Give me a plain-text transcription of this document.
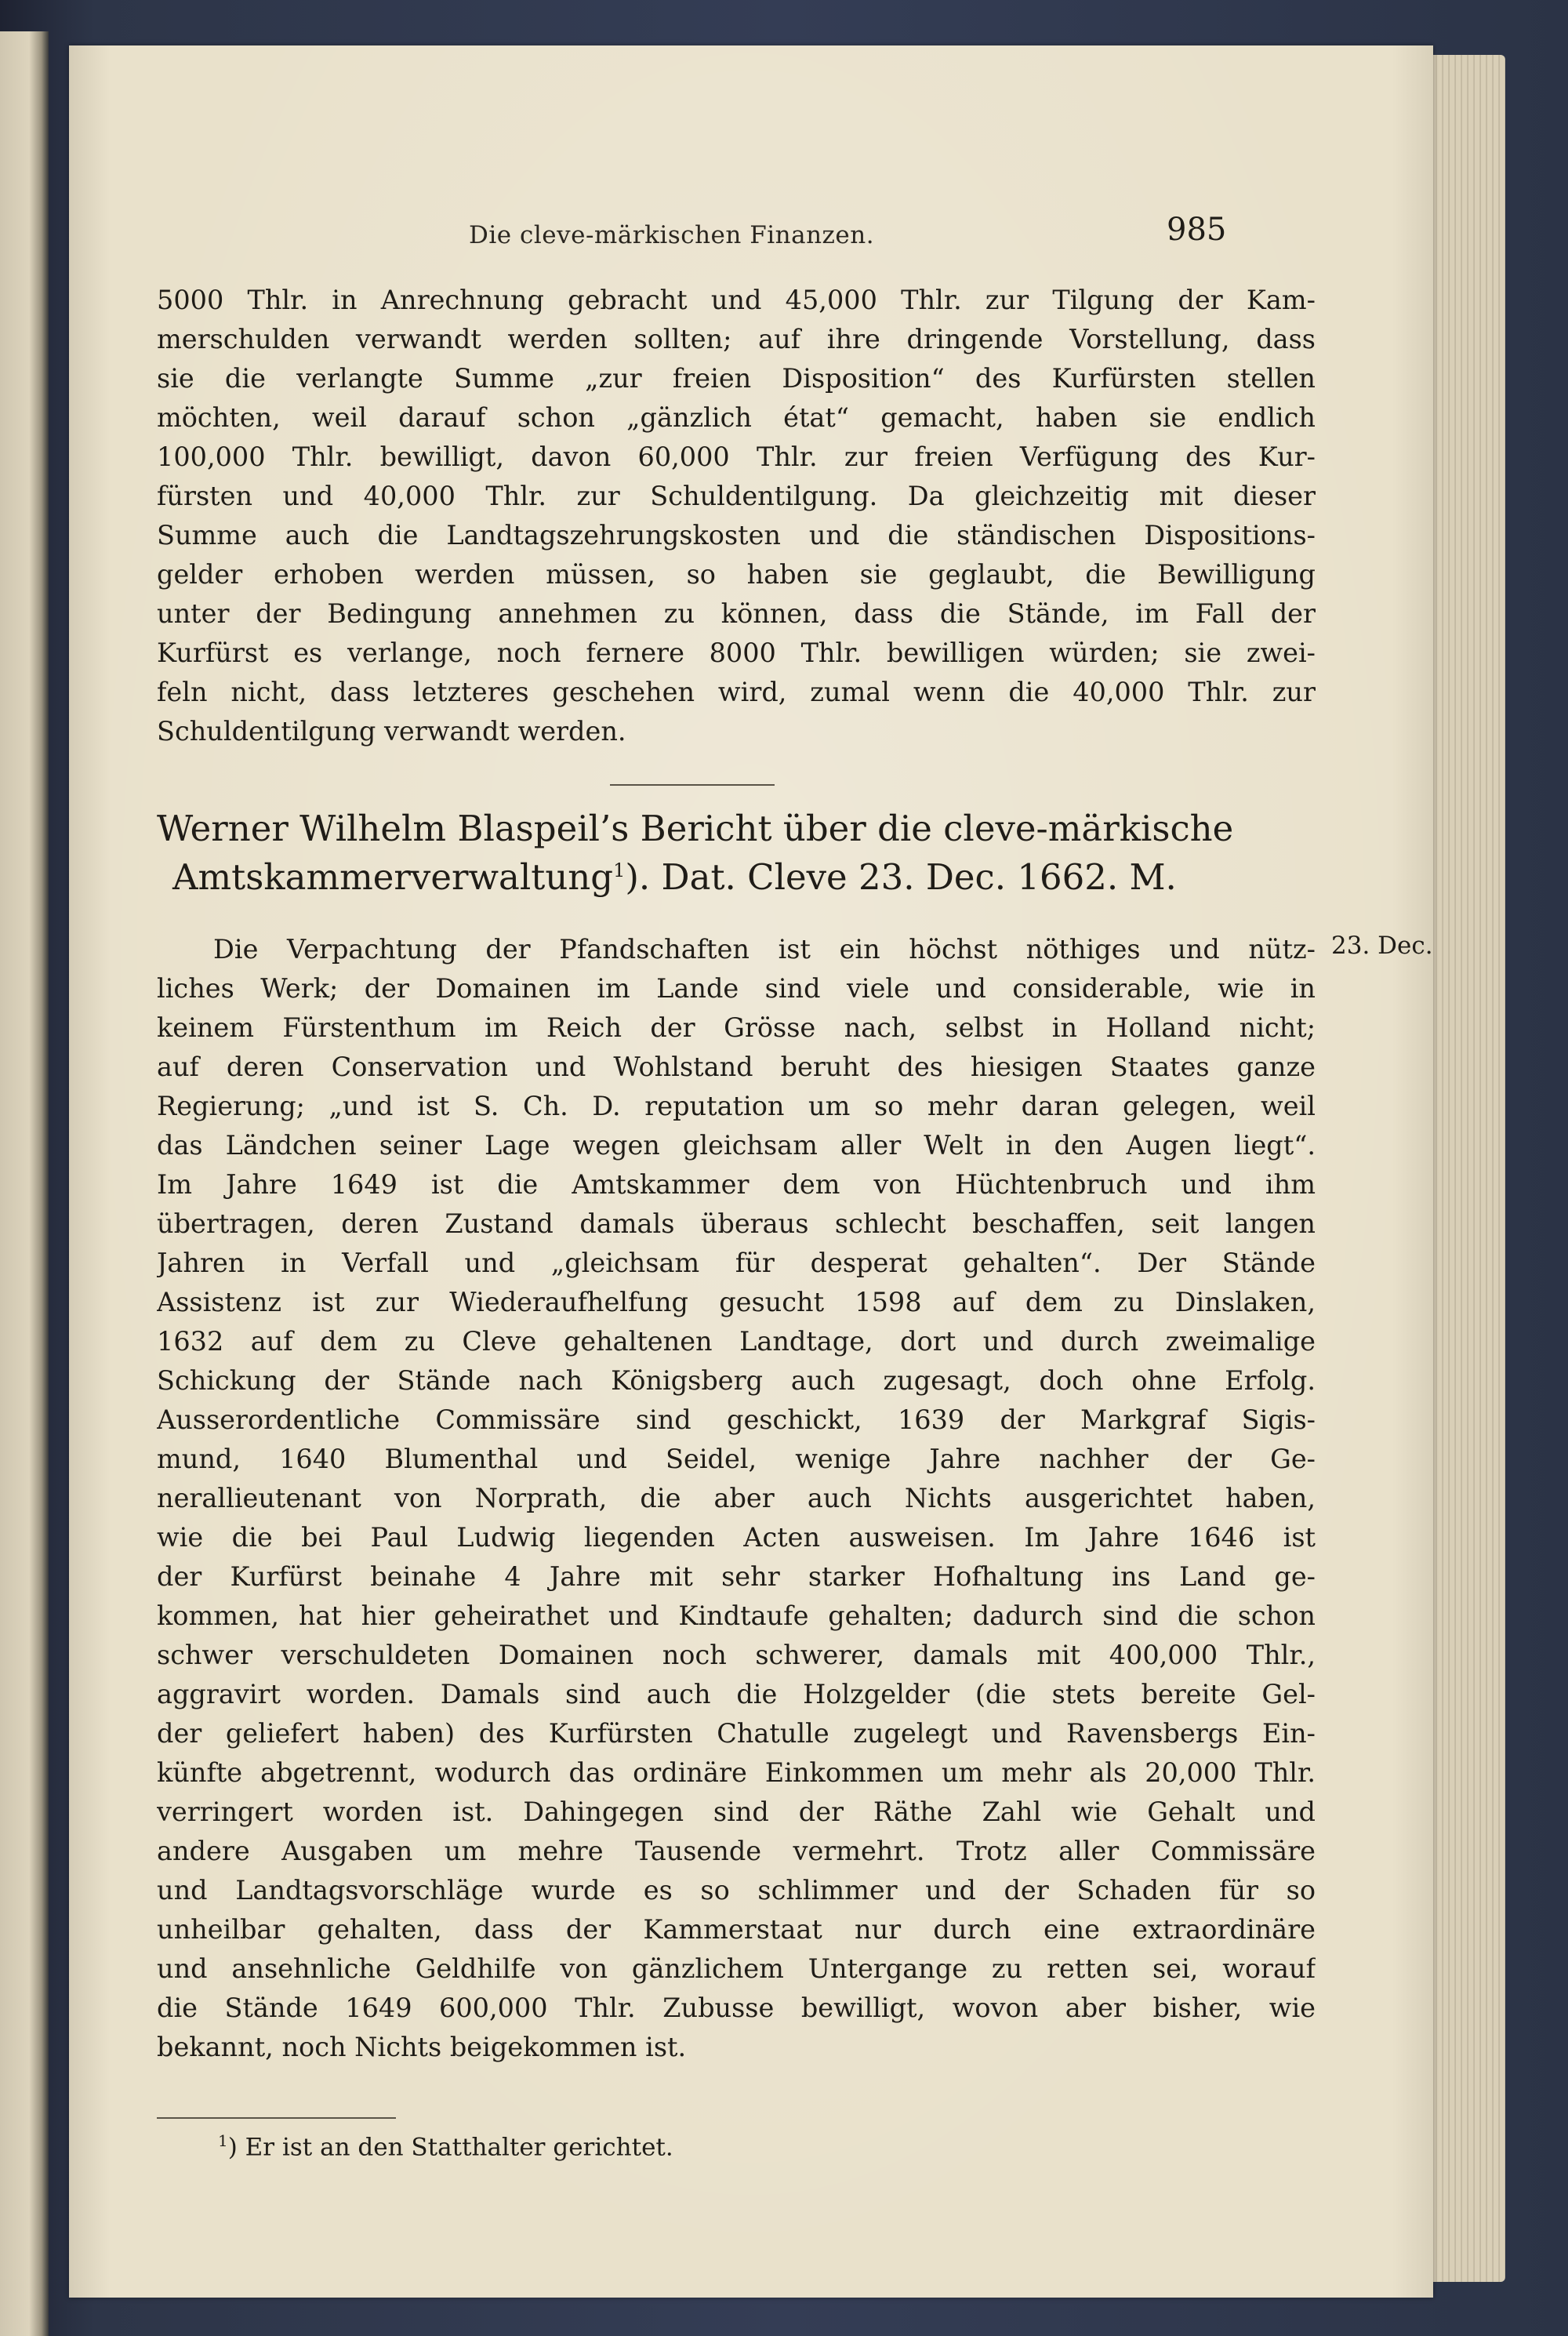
Die cleve-märkischen Finanzen.	985
5000 Thlr. in Anrechnung gebracht und 45,000 Thlr. zur Tilgung der Kam-
merschulden verwandt werden sollten; auf ihre dringende Vorstellung, dass
sie die verlangte Summe „zur freien Disposition“ des Kurfürsten stellen
möchten, weil darauf schon „gänzlich état“ gemacht, haben sie endlich
100,000 Thlr. bewilligt, davon 60,000 Thlr. zur freien Verfügung des Kur-
fürsten und 40,000 Thlr. zur Schuldentilgung. Da gleichzeitig mit dieser
Summe auch die Landtagszehrungskosten und die ständischen Dispositions-
gelder erhoben werden müssen, so haben sie geglaubt, die Bewilligung
unter der Bedingung annehmen zu können, dass die Stände, im Fall der
Kurfürst es verlange, noch fernere 8000 Thlr. bewilligen würden; sie zwei-
feln nicht, dass letzteres geschehen wird, zumal wenn die 40,000 Thlr. zur
Schuldentilgung verwandt werden.
Werner Wilhelm Blaspeil’s Bericht über die cleve-märkische
Amtskammerverwaltung$^1$). Dat. Cleve 23. Dec. 1662. M.
23. Dec.
Die Verpachtung der Pfandschaften ist ein höchst nöthiges und nütz-
liches Werk; der Domainen im Lande sind viele und considerable, wie in
keinem Fürstenthum im Reich der Grösse nach, selbst in Holland nicht;
auf deren Conservation und Wohlstand beruht des hiesigen Staates ganze
Regierung; „und ist S. Ch. D. reputation um so mehr daran gelegen, weil
das Ländchen seiner Lage wegen gleichsam aller Welt in den Augen liegt“.
Im Jahre 1649 ist die Amtskammer dem von Hüchtenbruch und ihm
übertragen, deren Zustand damals überaus schlecht beschaffen, seit langen
Jahren in Verfall und „gleichsam für desperat gehalten“. Der Stände
Assistenz ist zur Wiederaufhelfung gesucht 1598 auf dem zu Dinslaken,
1632 auf dem zu Cleve gehaltenen Landtage, dort und durch zweimalige
Schickung der Stände nach Königsberg auch zugesagt, doch ohne Erfolg.
Ausserordentliche Commissäre sind geschickt, 1639 der Markgraf Sigis-
mund, 1640 Blumenthal und Seidel, wenige Jahre nachher der Ge-
nerallieutenant von Norprath, die aber auch Nichts ausgerichtet haben,
wie die bei Paul Ludwig liegenden Acten ausweisen. Im Jahre 1646 ist
der Kurfürst beinahe 4 Jahre mit sehr starker Hofhaltung ins Land ge-
kommen, hat hier geheirathet und Kindtaufe gehalten; dadurch sind die schon
schwer verschuldeten Domainen noch schwerer, damals mit 400,000 Thlr.,
aggravirt worden. Damals sind auch die Holzgelder (die stets bereite Gel-
der geliefert haben) des Kurfürsten Chatulle zugelegt und Ravensbergs Ein-
künfte abgetrennt, wodurch das ordinäre Einkommen um mehr als 20,000 Thlr.
verringert worden ist. Dahingegen sind der Räthe Zahl wie Gehalt und
andere Ausgaben um mehre Tausende vermehrt. Trotz aller Commissäre
und Landtagsvorschläge wurde es so schlimmer und der Schaden für so
unheilbar gehalten, dass der Kammerstaat nur durch eine extraordinäre
und ansehnliche Geldhilfe von gänzlichem Untergange zu retten sei, worauf
die Stände 1649 600,000 Thlr. Zubusse bewilligt, wovon aber bisher, wie
bekannt, noch Nichts beigekommen ist.
$^1$) Er ist an den Statthalter gerichtet.
